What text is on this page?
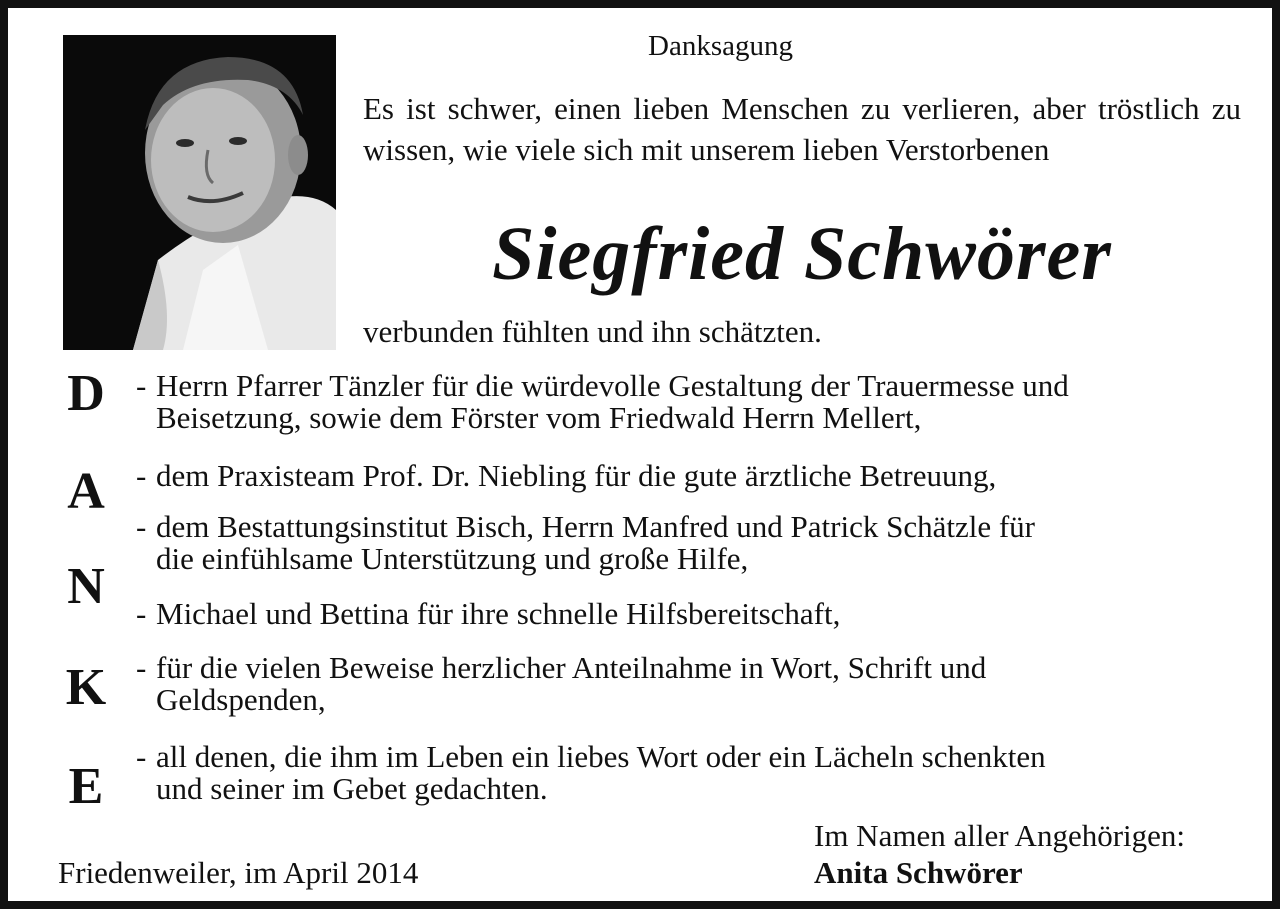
Danksagung
Es ist schwer, einen lieben Menschen zu verlieren, aber tröstlich zu wissen, wie viele sich mit unserem lieben Verstorbenen
Siegfried Schwörer
verbunden fühlten und ihn schätzten.
D
A
N
K
E
- Herrn Pfarrer Tänzler für die würdevolle Gestaltung der Trauermesse und
Beisetzung, sowie dem Förster vom Friedwald Herrn Mellert,
- dem Praxisteam Prof. Dr. Niebling für die gute ärztliche Betreuung,
- dem Bestattungsinstitut Bisch, Herrn Manfred und Patrick Schätzle für
die einfühlsame Unterstützung und große Hilfe,
- Michael und Bettina für ihre schnelle Hilfsbereitschaft,
- für die vielen Beweise herzlicher Anteilnahme in Wort, Schrift und
Geldspenden,
- all denen, die ihm im Leben ein liebes Wort oder ein Lächeln schenkten
und seiner im Gebet gedachten.
Friedenweiler, im April 2014
Im Namen aller Angehörigen:
Anita Schwörer
